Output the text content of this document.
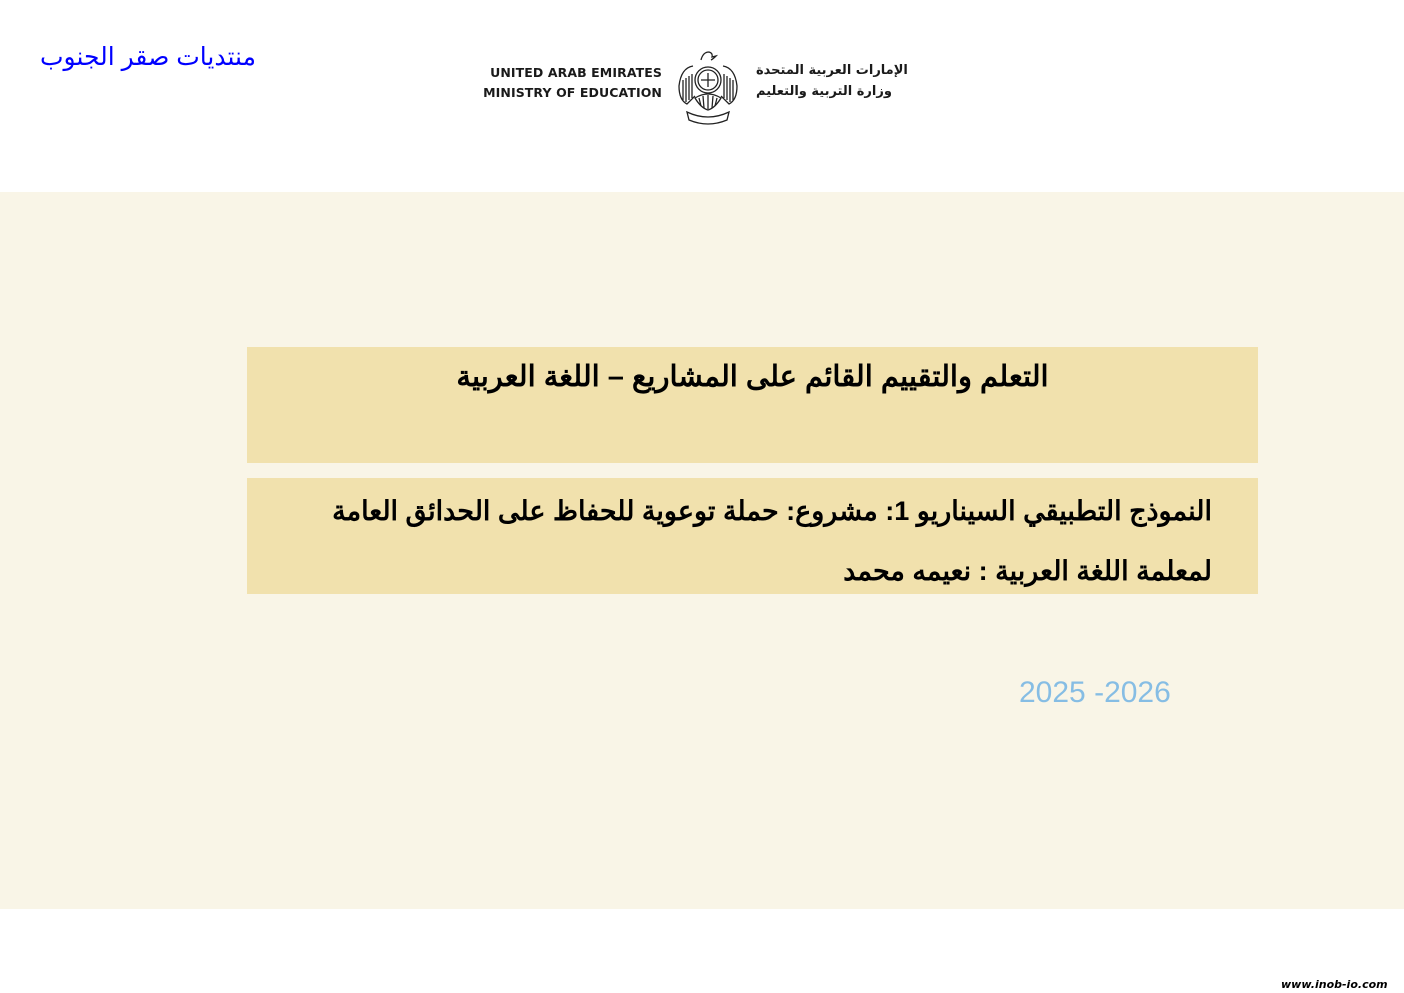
منتديات صقر الجنوب
UNITED ARAB EMIRATES
MINISTRY OF EDUCATION
الإمارات العربية المتحدة
وزارة التربية والتعليم
التعلم والتقييم القائم على المشاريع – اللغة العربية
النموذج التطبيقي السيناريو 1: مشروع: حملة توعوية للحفاظ على الحدائق العامة
لمعلمة اللغة العربية : نعيمه محمد
2025 -2026
www.inob-io.com
